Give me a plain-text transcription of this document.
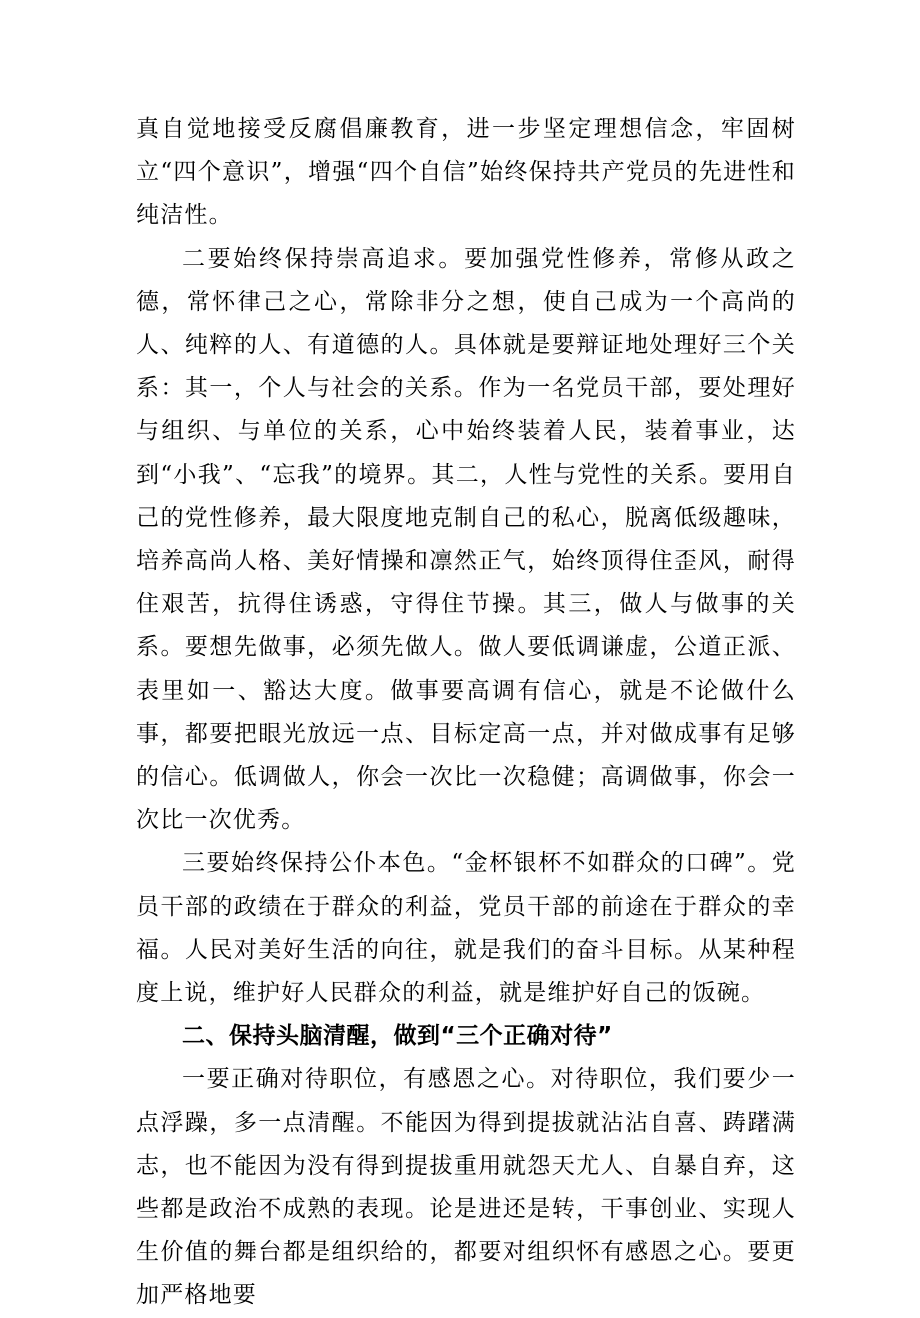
真自觉地接受反腐倡廉教育，进一步坚定理想信念，牢固树立“四个意识”，增强“四个自信”始终保持共产党员的先进性和纯洁性。

二要始终保持崇高追求。要加强党性修养，常修从政之德，常怀律己之心，常除非分之想，使自己成为一个高尚的人、纯粹的人、有道德的人。具体就是要辩证地处理好三个关系：其一，个人与社会的关系。作为一名党员干部，要处理好与组织、与单位的关系，心中始终装着人民，装着事业，达到“小我”、“忘我”的境界。其二，人性与党性的关系。要用自己的党性修养，最大限度地克制自己的私心，脱离低级趣味，培养高尚人格、美好情操和凛然正气，始终顶得住歪风，耐得住艰苦，抗得住诱惑，守得住节操。其三，做人与做事的关系。要想先做事，必须先做人。做人要低调谦虚，公道正派、表里如一、豁达大度。做事要高调有信心，就是不论做什么事，都要把眼光放远一点、目标定高一点，并对做成事有足够的信心。低调做人，你会一次比一次稳健；高调做事，你会一次比一次优秀。

三要始终保持公仆本色。“金杯银杯不如群众的口碑”。党员干部的政绩在于群众的利益，党员干部的前途在于群众的幸福。人民对美好生活的向往，就是我们的奋斗目标。从某种程度上说，维护好人民群众的利益，就是维护好自己的饭碗。

二、保持头脑清醒，做到“三个正确对待”

一要正确对待职位，有感恩之心。对待职位，我们要少一点浮躁，多一点清醒。不能因为得到提拔就沾沾自喜、踌躇满志，也不能因为没有得到提拔重用就怨天尤人、自暴自弃，这些都是政治不成熟的表现。论是进还是转，干事创业、实现人生价值的舞台都是组织给的，都要对组织怀有感恩之心。要更加严格地要
